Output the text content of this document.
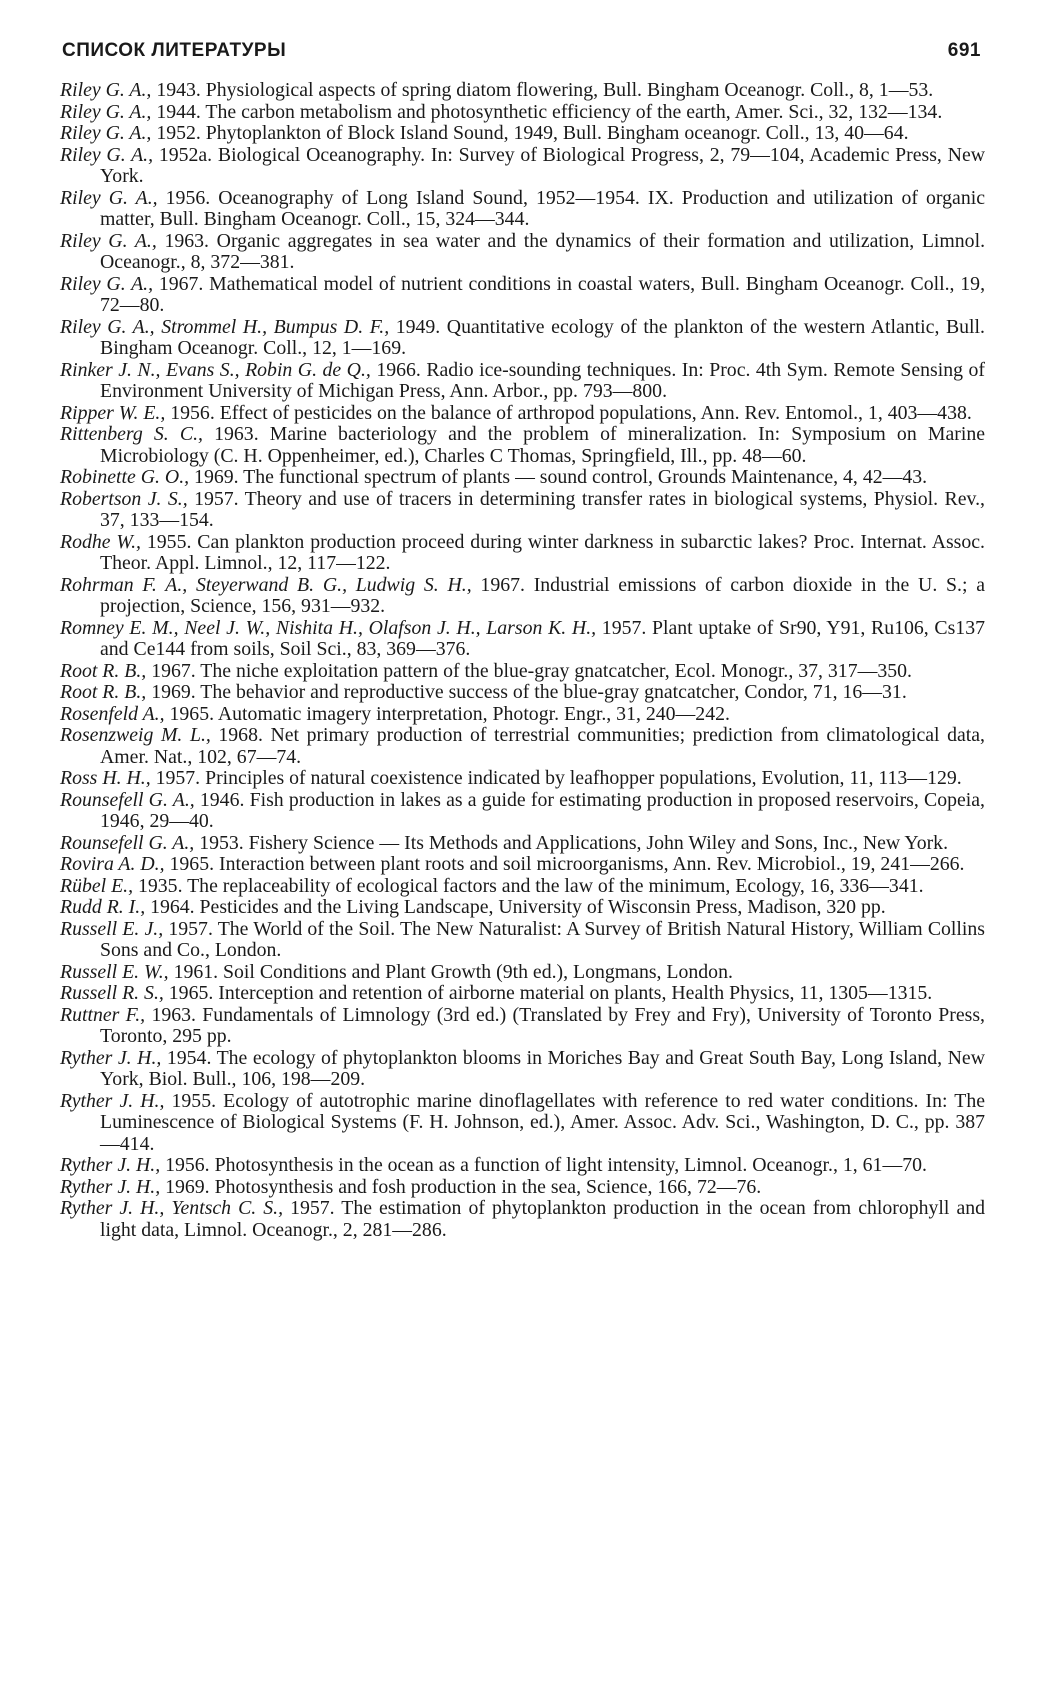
СПИСОК ЛИТЕРАТУРЫ	691

Riley G. A., 1943. Physiological aspects of spring diatom flowering, Bull. Bingham Oceanogr. Coll., 8, 1—53.

Riley G. A., 1944. The carbon metabolism and photosynthetic efficiency of the earth, Amer. Sci., 32, 132—134.

Riley G. A., 1952. Phytoplankton of Block Island Sound, 1949, Bull. Bingham oceanogr. Coll., 13, 40—64.

Riley G. A., 1952a. Biological Oceanography. In: Survey of Biological Progress, 2, 79—104, Academic Press, New York.

Riley G. A., 1956. Oceanography of Long Island Sound, 1952—1954. IX. Production and utilization of organic matter, Bull. Bingham Oceanogr. Coll., 15, 324—344.

Riley G. A., 1963. Organic aggregates in sea water and the dynamics of their formation and utilization, Limnol. Oceanogr., 8, 372—381.

Riley G. A., 1967. Mathematical model of nutrient conditions in coastal waters, Bull. Bingham Oceanogr. Coll., 19, 72—80.

Riley G. A., Strommel H., Bumpus D. F., 1949. Quantitative ecology of the plankton of the western Atlantic, Bull. Bingham Oceanogr. Coll., 12, 1—169.

Rinker J. N., Evans S., Robin G. de Q., 1966. Radio ice-sounding techniques. In: Proc. 4th Sym. Remote Sensing of Environment University of Michigan Press, Ann. Arbor., pp. 793—800.

Ripper W. E., 1956. Effect of pesticides on the balance of arthropod populations, Ann. Rev. Entomol., 1, 403—438.

Rittenberg S. C., 1963. Marine bacteriology and the problem of mineralization. In: Symposium on Marine Microbiology (C. H. Oppenheimer, ed.), Charles C Thomas, Springfield, Ill., pp. 48—60.

Robinette G. O., 1969. The functional spectrum of plants — sound control, Grounds Maintenance, 4, 42—43.

Robertson J. S., 1957. Theory and use of tracers in determining transfer rates in biological systems, Physiol. Rev., 37, 133—154.

Rodhe W., 1955. Can plankton production proceed during winter darkness in subarctic lakes? Proc. Internat. Assoc. Theor. Appl. Limnol., 12, 117—122.

Rohrman F. A., Steyerwand B. G., Ludwig S. H., 1967. Industrial emissions of carbon dioxide in the U. S.; a projection, Science, 156, 931—932.

Romney E. M., Neel J. W., Nishita H., Olafson J. H., Larson K. H., 1957. Plant uptake of Sr90, Y91, Ru106, Cs137 and Ce144 from soils, Soil Sci., 83, 369—376.

Root R. B., 1967. The niche exploitation pattern of the blue-gray gnatcatcher, Ecol. Monogr., 37, 317—350.

Root R. B., 1969. The behavior and reproductive success of the blue-gray gnatcatcher, Condor, 71, 16—31.

Rosenfeld A., 1965. Automatic imagery interpretation, Photogr. Engr., 31, 240—242.

Rosenzweig M. L., 1968. Net primary production of terrestrial communities; prediction from climatological data, Amer. Nat., 102, 67—74.

Ross H. H., 1957. Principles of natural coexistence indicated by leafhopper populations, Evolution, 11, 113—129.

Rounsefell G. A., 1946. Fish production in lakes as a guide for estimating production in proposed reservoirs, Copeia, 1946, 29—40.

Rounsefell G. A., 1953. Fishery Science — Its Methods and Applications, John Wiley and Sons, Inc., New York.

Rovira A. D., 1965. Interaction between plant roots and soil microorganisms, Ann. Rev. Microbiol., 19, 241—266.

Rübel E., 1935. The replaceability of ecological factors and the law of the minimum, Ecology, 16, 336—341.

Rudd R. I., 1964. Pesticides and the Living Landscape, University of Wisconsin Press, Madison, 320 pp.

Russell E. J., 1957. The World of the Soil. The New Naturalist: A Survey of British Natural History, William Collins Sons and Co., London.

Russell E. W., 1961. Soil Conditions and Plant Growth (9th ed.), Longmans, London.

Russell R. S., 1965. Interception and retention of airborne material on plants, Health Physics, 11, 1305—1315.

Ruttner F., 1963. Fundamentals of Limnology (3rd ed.) (Translated by Frey and Fry), University of Toronto Press, Toronto, 295 pp.

Ryther J. H., 1954. The ecology of phytoplankton blooms in Moriches Bay and Great South Bay, Long Island, New York, Biol. Bull., 106, 198—209.

Ryther J. H., 1955. Ecology of autotrophic marine dinoflagellates with reference to red water conditions. In: The Luminescence of Biological Systems (F. H. Johnson, ed.), Amer. Assoc. Adv. Sci., Washington, D. C., pp. 387—414.

Ryther J. H., 1956. Photosynthesis in the ocean as a function of light intensity, Limnol. Oceanogr., 1, 61—70.

Ryther J. H., 1969. Photosynthesis and fosh production in the sea, Science, 166, 72—76.

Ryther J. H., Yentsch C. S., 1957. The estimation of phytoplankton production in the ocean from chlorophyll and light data, Limnol. Oceanogr., 2, 281—286.
